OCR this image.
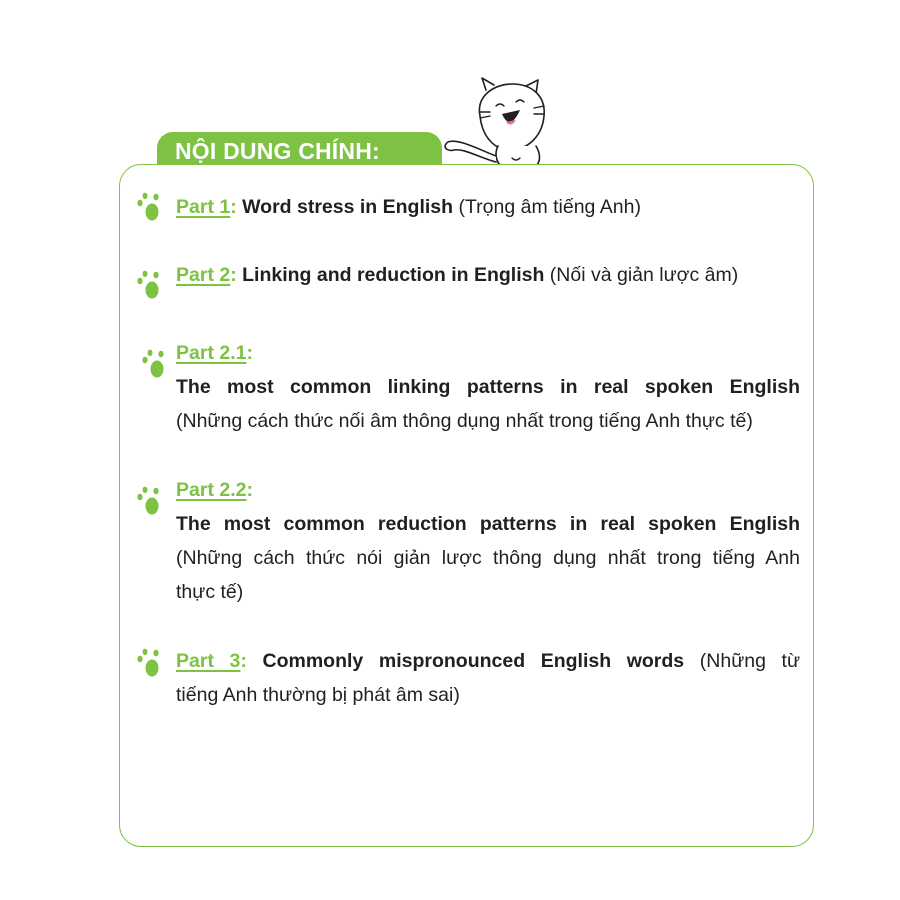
NỘI DUNG CHÍNH:

Part 1: Word stress in English (Trọng âm tiếng Anh)

Part 2: Linking and reduction in English (Nối và giản lược âm)

Part 2.1:

The most common linking patterns in real spoken English

(Những cách thức nối âm thông dụng nhất trong tiếng Anh thực tế)

Part 2.2:

The most common reduction patterns in real spoken English

(Những cách thức nói giản lược thông dụng nhất trong tiếng Anh

thực tế)

Part 3: Commonly mispronounced English words (Những từ

tiếng Anh thường bị phát âm sai)
